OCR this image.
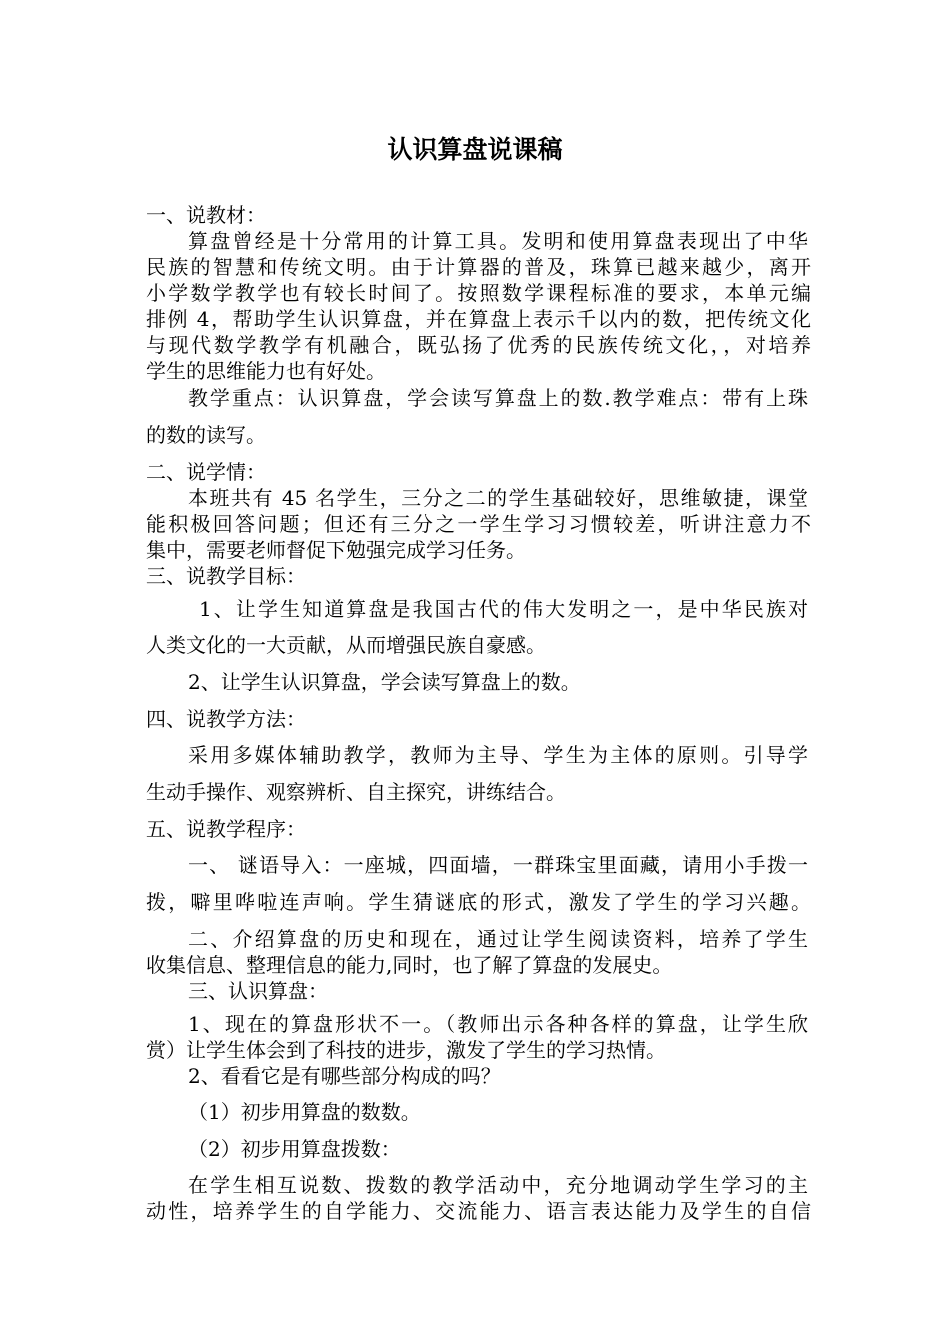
认识算盘说课稿
一、说教材：
算盘曾经是十分常用的计算工具。发明和使用算盘表现出了中华
民族的智慧和传统文明。由于计算器的普及，珠算已越来越少，离开
小学数学教学也有较长时间了。按照数学课程标准的要求，本单元编
排例 4，帮助学生认识算盘，并在算盘上表示千以内的数，把传统文化
与现代数学教学有机融合，既弘扬了优秀的民族传统文化，，对培养
学生的思维能力也有好处。
教学重点：认识算盘，学会读写算盘上的数.教学难点：带有上珠
的数的读写。
二、说学情：
本班共有 45 名学生，三分之二的学生基础较好，思维敏捷，课堂
能积极回答问题；但还有三分之一学生学习习惯较差，听讲注意力不
集中，需要老师督促下勉强完成学习任务。
三、说教学目标：
1、让学生知道算盘是我国古代的伟大发明之一，是中华民族对
人类文化的一大贡献，从而增强民族自豪感。
2、让学生认识算盘，学会读写算盘上的数。
四、说教学方法：
采用多媒体辅助教学，教师为主导、学生为主体的原则。引导学
生动手操作、观察辨析、自主探究，讲练结合。
五、说教学程序：
一、 谜语导入：一座城，四面墙，一群珠宝里面藏，请用小手拨一
拨，噼里哗啦连声响。学生猜谜底的形式，激发了学生的学习兴趣。
二、介绍算盘的历史和现在，通过让学生阅读资料，培养了学生
收集信息、整理信息的能力,同时，也了解了算盘的发展史。
三、认识算盘：
1、现在的算盘形状不一。（教师出示各种各样的算盘，让学生欣
赏）让学生体会到了科技的进步，激发了学生的学习热情。
2、看看它是有哪些部分构成的吗？
（1）初步用算盘的数数。
（2）初步用算盘拨数：
在学生相互说数、拨数的教学活动中，充分地调动学生学习的主
动性，培养学生的自学能力、交流能力、语言表达能力及学生的自信
